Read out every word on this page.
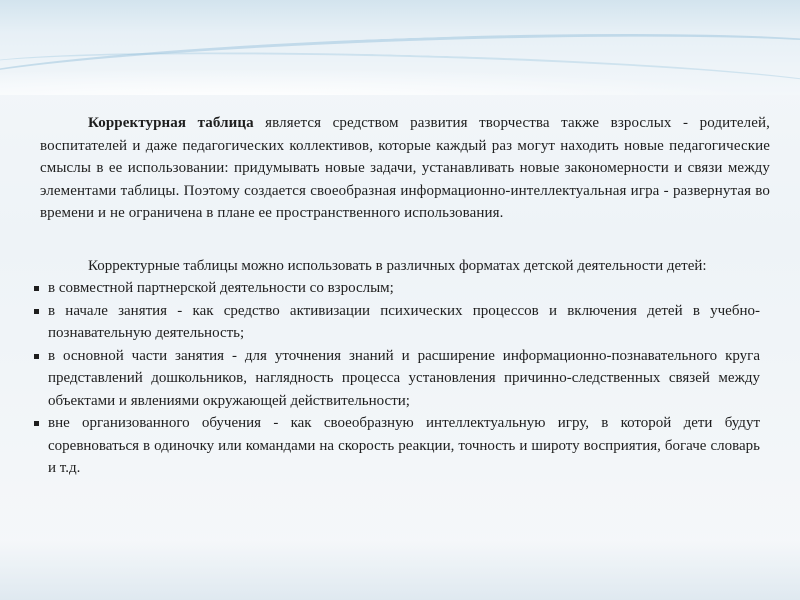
Корректурная таблица является средством развития творчества также взрослых - родителей, воспитателей и даже педагогических коллективов, которые каждый раз могут находить новые педагогические смыслы в ее использовании: придумывать новые задачи, устанавливать новые закономерности и связи между элементами таблицы. Поэтому создается своеобразная информационно-интеллектуальная игра - развернутая во времени и не ограничена в плане ее пространственного использования.

Корректурные таблицы можно использовать в различных форматах детской деятельности детей:

в совместной партнерской деятельности со взрослым;
в начале занятия - как средство активизации психических процессов и включения детей в учебно-познавательную деятельность;
в основной части занятия - для уточнения знаний и расширение информационно-познавательного круга представлений дошкольников, наглядность процесса установления причинно-следственных связей между объектами и явлениями окружающей действительности;
вне организованного обучения - как своеобразную интеллектуальную игру, в которой дети будут соревноваться в одиночку или командами на скорость реакции, точность и широту восприятия, богаче словарь и т.д.
